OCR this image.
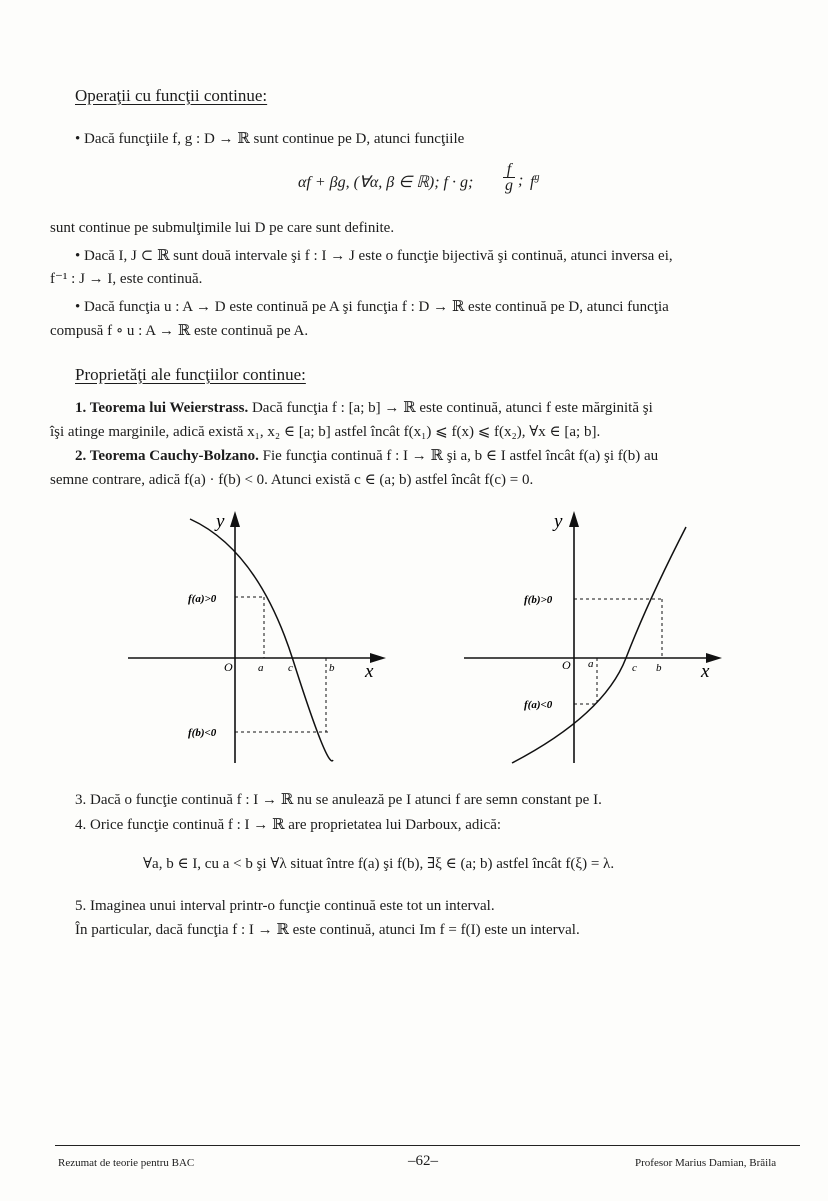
Operaţii cu funcţii continue:
• Dacă funcţiile f, g : D → ℝ sunt continue pe D, atunci funcţiile
αf + βg, (∀α, β ∈ ℝ); f · g;
f
g ; $f^g$
sunt continue pe submulţimile lui D pe care sunt definite.
• Dacă I, J ⊂ ℝ sunt două intervale şi f : I → J este o funcţie bijectivă şi continuă, atunci inversa ei,
f⁻¹ : J → I, este continuă.
• Dacă funcţia u : A → D este continuă pe A şi funcţia f : D → ℝ este continuă pe D, atunci funcţia
compusă f ∘ u : A → ℝ este continuă pe A.
Proprietăţi ale funcţiilor continue:
1. Teorema lui Weierstrass. Dacă funcţia f : [a; b] → ℝ este continuă, atunci f este mărginită şi
îşi atinge marginile, adică există x₁, x₂ ∈ [a; b] astfel încât f(x₁) ⩽ f(x) ⩽ f(x₂), ∀x ∈ [a; b].
2. Teorema Cauchy-Bolzano. Fie funcţia continuă f : I → ℝ şi a, b ∈ I astfel încât f(a) şi f(b) au
semne contrare, adică f(a) · f(b) < 0. Atunci există c ∈ (a; b) astfel încât f(c) = 0.
y
x
O a c	b
f(a)>0
f(b)<0
y
x
O a	c b
f(b)>0
f(a)<0
3. Dacă o funcţie continuă f : I → ℝ nu se anulează pe I atunci f are semn constant pe I.
4. Orice funcţie continuă f : I → ℝ are proprietatea lui Darboux, adică:
∀a, b ∈ I, cu a < b şi ∀λ situat între f(a) şi f(b), ∃ξ ∈ (a; b) astfel încât f(ξ) = λ.
5. Imaginea unui interval printr-o funcţie continuă este tot un interval.
În particular, dacă funcţia f : I → ℝ este continuă, atunci Im f = f(I) este un interval.
Rezumat de teorie pentru BAC	–62–	Profesor Marius Damian, Brăila
